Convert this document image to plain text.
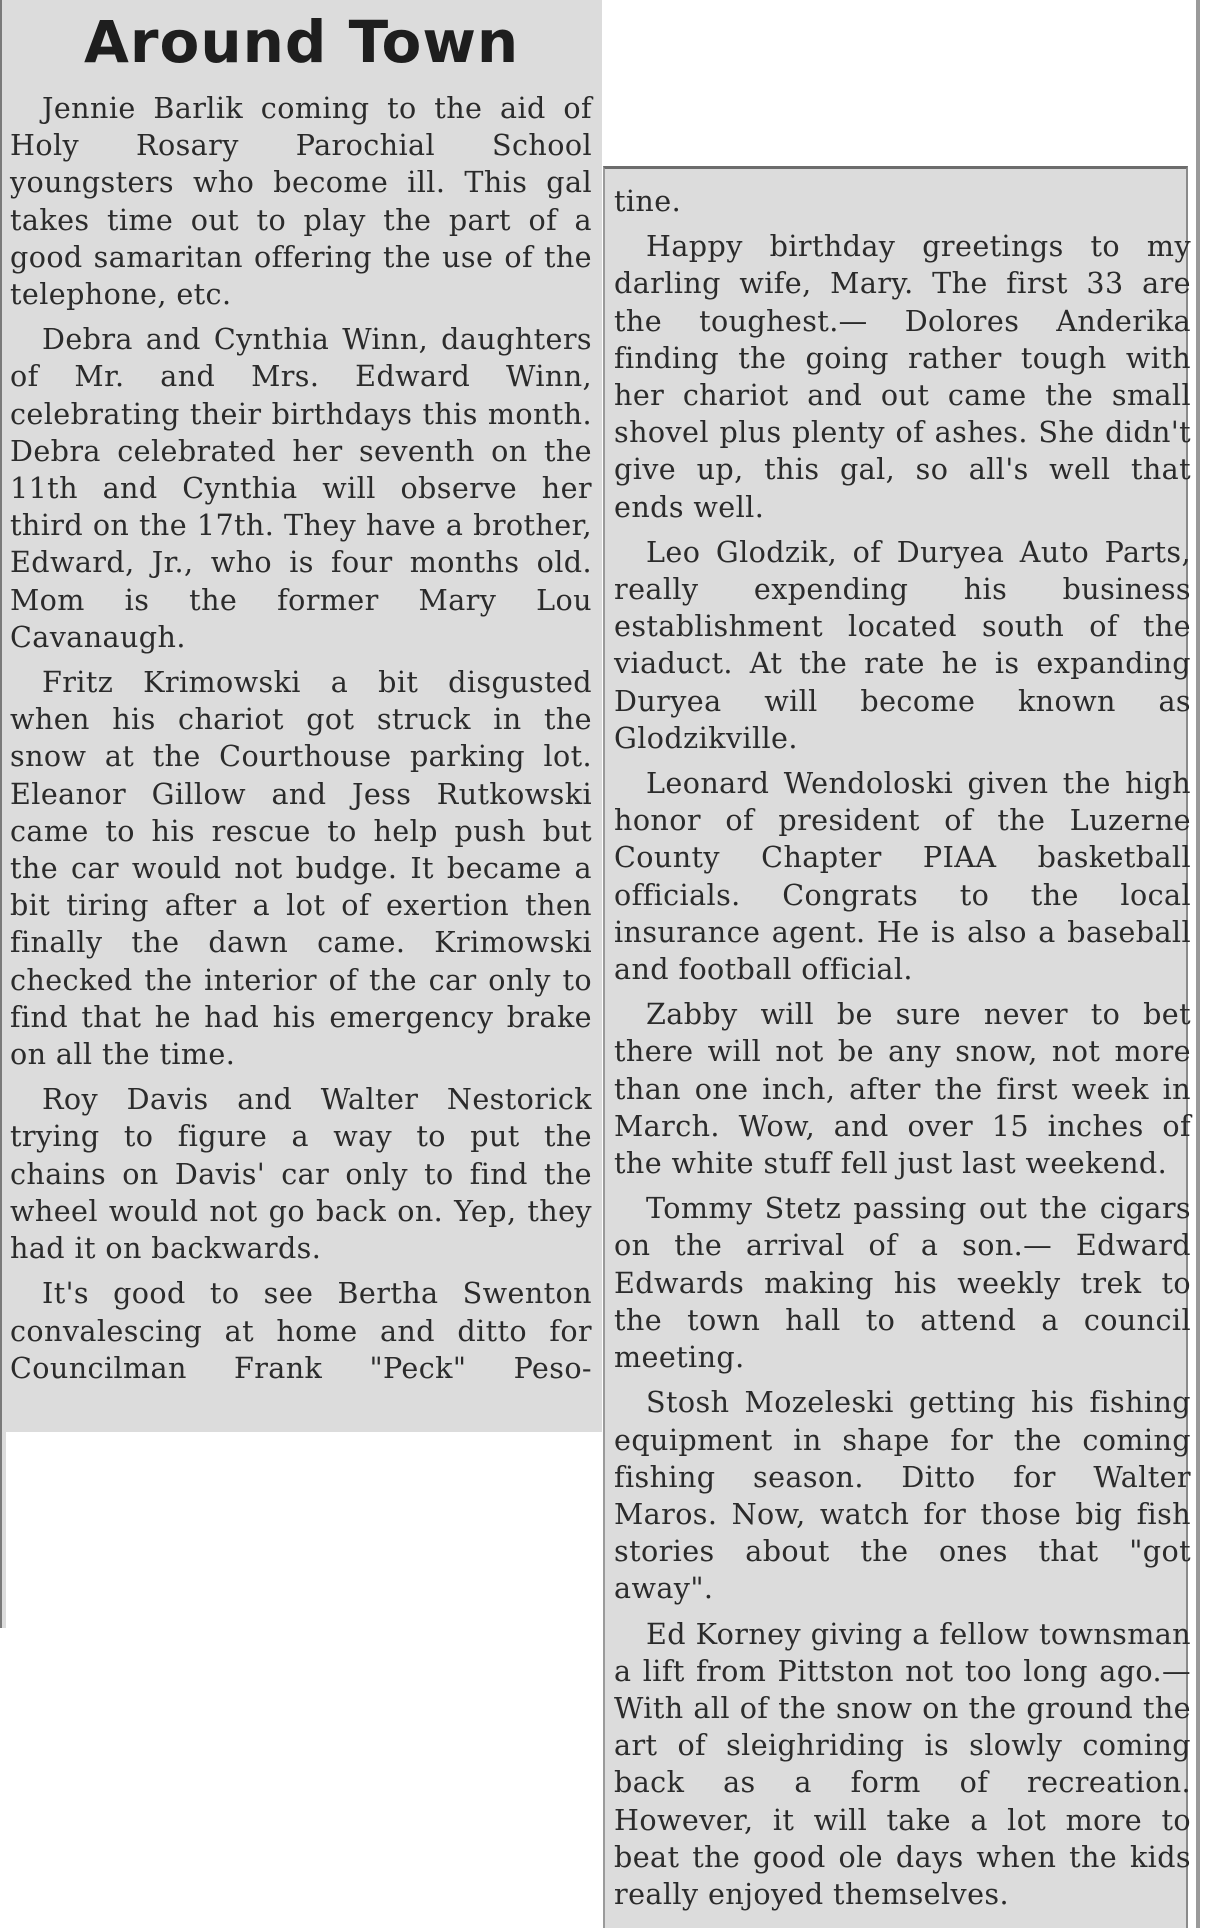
Around Town

Jennie Barlik coming to the aid of Holy Rosary Parochial School youngsters who become ill. This gal takes time out to play the part of a good samaritan offering the use of the telephone, etc.

Debra and Cynthia Winn, daughters of Mr. and Mrs. Edward Winn, celebrating their birthdays this month. Debra celebrated her seventh on the 11th and Cynthia will observe her third on the 17th. They have a brother, Edward, Jr., who is four months old. Mom is the former Mary Lou Cavanaugh.

Fritz Krimowski a bit disgusted when his chariot got struck in the snow at the Courthouse parking lot. Eleanor Gillow and Jess Rutkowski came to his rescue to help push but the car would not budge. It became a bit tiring after a lot of exertion then finally the dawn came. Krimowski checked the interior of the car only to find that he had his emergency brake on all the time.

Roy Davis and Walter Nestorick trying to figure a way to put the chains on Davis' car only to find the wheel would not go back on. Yep, they had it on backwards.

It's good to see Bertha Swenton convalescing at home and ditto for Councilman Frank "Peck" Peso-

tine.

Happy birthday greetings to my darling wife, Mary. The first 33 are the toughest.— Dolores Anderika finding the going rather tough with her chariot and out came the small shovel plus plenty of ashes. She didn't give up, this gal, so all's well that ends well.

Leo Glodzik, of Duryea Auto Parts, really expending his business establishment located south of the viaduct. At the rate he is expanding Duryea will become known as Glodzikville.

Leonard Wendoloski given the high honor of president of the Luzerne County Chapter PIAA basketball officials. Congrats to the local insurance agent. He is also a baseball and football official.

Zabby will be sure never to bet there will not be any snow, not more than one inch, after the first week in March. Wow, and over 15 inches of the white stuff fell just last weekend.

Tommy Stetz passing out the cigars on the arrival of a son.— Edward Edwards making his weekly trek to the town hall to attend a council meeting.

Stosh Mozeleski getting his fishing equipment in shape for the coming fishing season. Ditto for Walter Maros. Now, watch for those big fish stories about the ones that "got away".

Ed Korney giving a fellow townsman a lift from Pittston not too long ago.— With all of the snow on the ground the art of sleighriding is slowly coming back as a form of recreation. However, it will take a lot more to beat the good ole days when the kids really enjoyed themselves.
